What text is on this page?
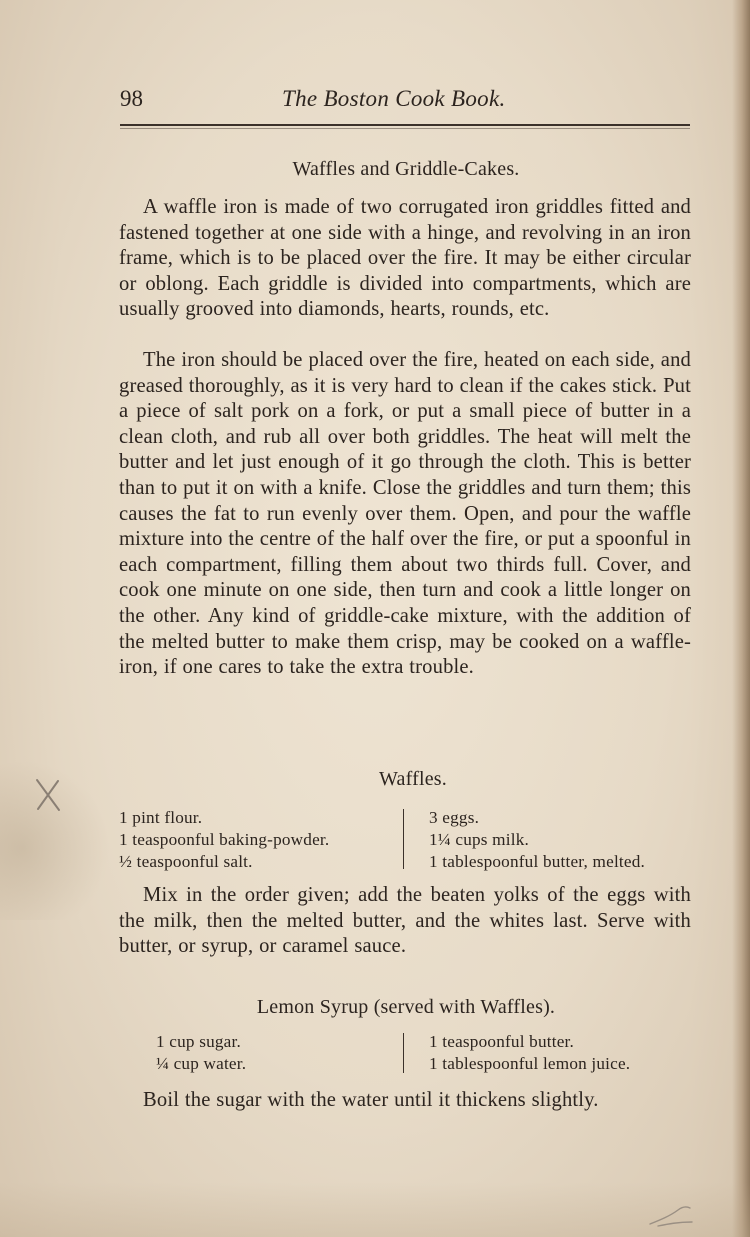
98	The Boston Cook Book.
Waffles and Griddle-Cakes.

A waffle iron is made of two corrugated iron griddles fitted and fastened together at one side with a hinge, and revolving in an iron frame, which is to be placed over the fire. It may be either circular or oblong. Each griddle is divided into compartments, which are usually grooved into diamonds, hearts, rounds, etc.

The iron should be placed over the fire, heated on each side, and greased thoroughly, as it is very hard to clean if the cakes stick. Put a piece of salt pork on a fork, or put a small piece of butter in a clean cloth, and rub all over both griddles. The heat will melt the butter and let just enough of it go through the cloth. This is better than to put it on with a knife. Close the griddles and turn them; this causes the fat to run evenly over them. Open, and pour the waffle mixture into the centre of the half over the fire, or put a spoonful in each compartment, filling them about two thirds full. Cover, and cook one minute on one side, then turn and cook a little longer on the other. Any kind of griddle-cake mixture, with the addition of the melted butter to make them crisp, may be cooked on a waffle-iron, if one cares to take the extra trouble.

Waffles.
1 pint flour.
1 teaspoonful baking-powder.
½ teaspoonful salt.
3 eggs.
1¼ cups milk.
1 tablespoonful butter, melted.

Mix in the order given; add the beaten yolks of the eggs with the milk, then the melted butter, and the whites last. Serve with butter, or syrup, or caramel sauce.

Lemon Syrup (served with Waffles).
1 cup sugar.
¼ cup water.
1 teaspoonful butter.
1 tablespoonful lemon juice.

Boil the sugar with the water until it thickens slightly.
